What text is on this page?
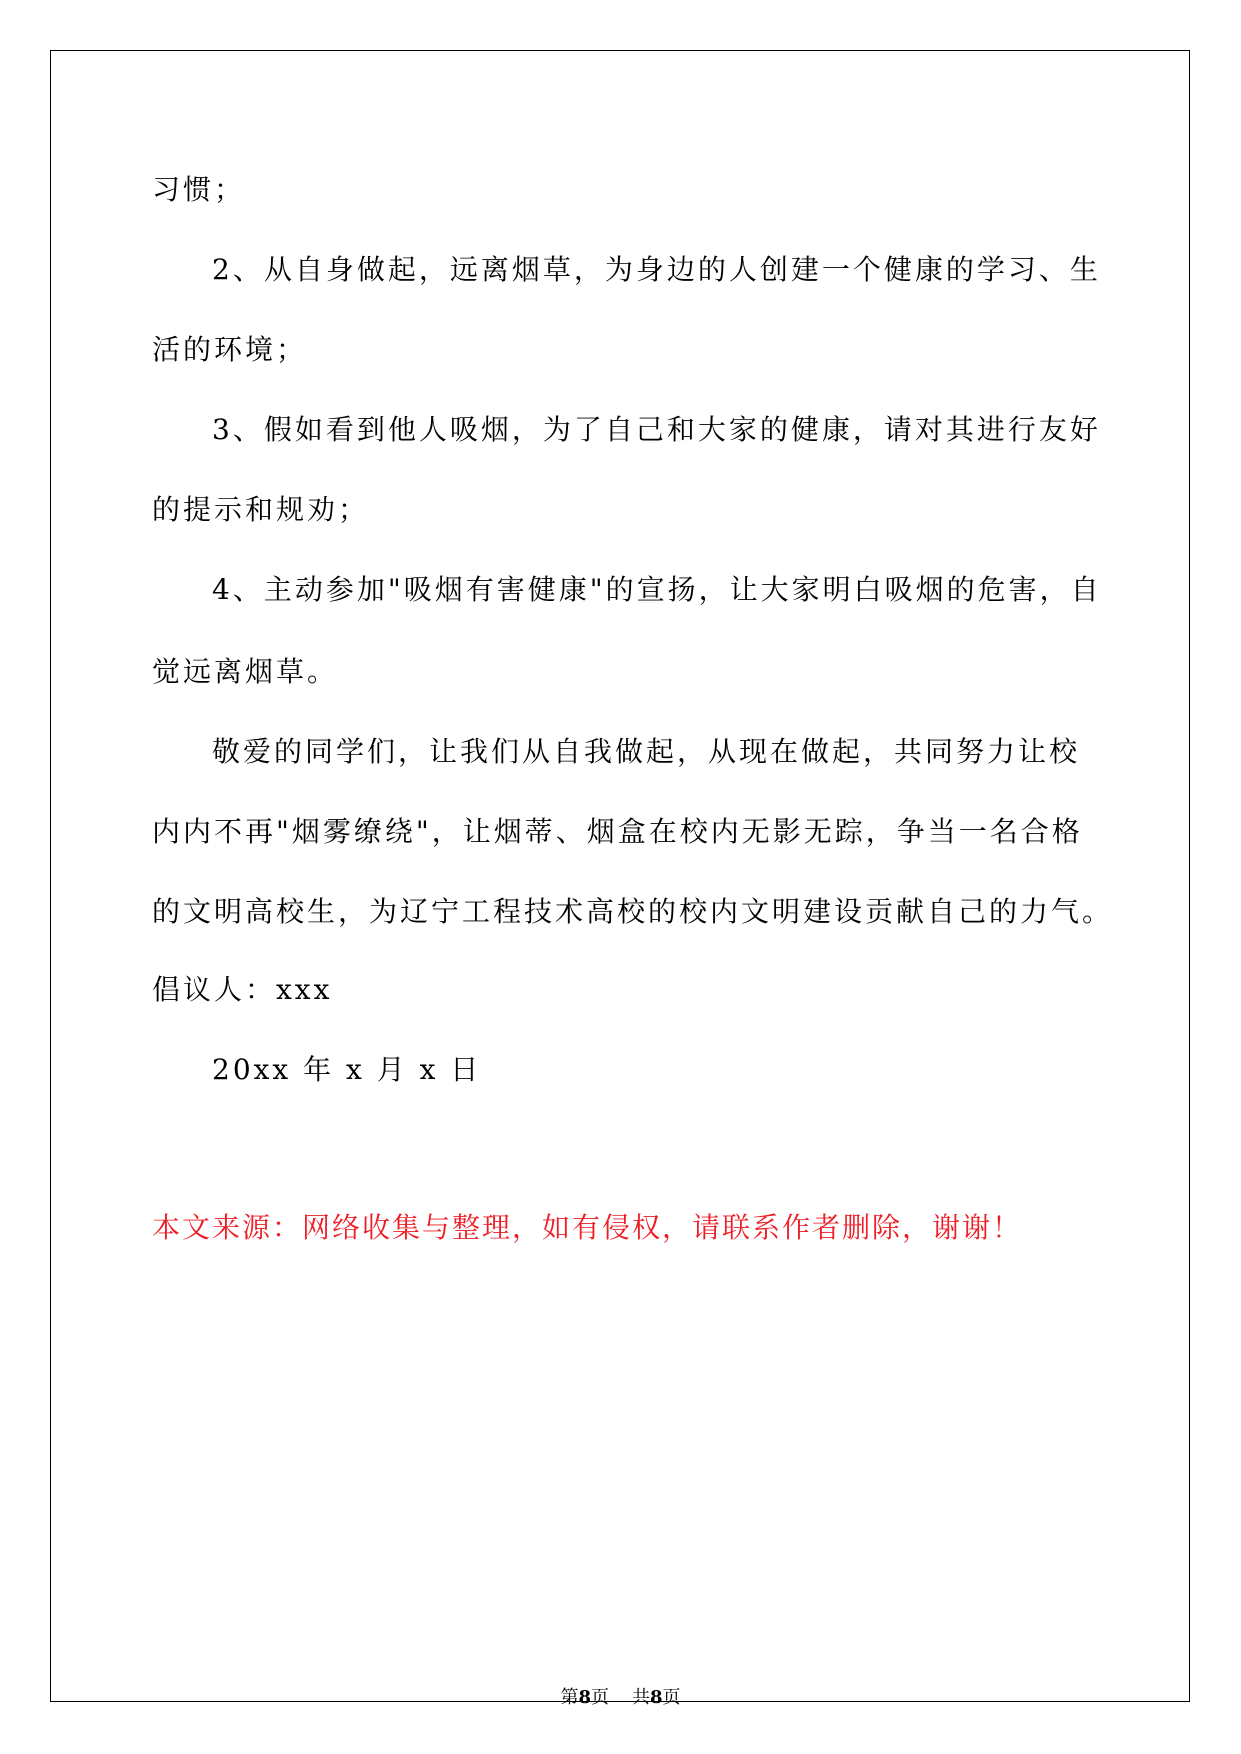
习惯；
2、从自身做起，远离烟草，为身边的人创建一个健康的学习、生
活的环境；
3、假如看到他人吸烟，为了自己和大家的健康，请对其进行友好
的提示和规劝；
4、主动参加"吸烟有害健康"的宣扬，让大家明白吸烟的危害，自
觉远离烟草。
敬爱的同学们，让我们从自我做起，从现在做起，共同努力让校
内内不再"烟雾缭绕"，让烟蒂、烟盒在校内无影无踪，争当一名合格
的文明高校生，为辽宁工程技术高校的校内文明建设贡献自己的力气。
倡议人：xxx
20xx 年 x 月 x 日
本文来源：网络收集与整理，如有侵权，请联系作者删除，谢谢！
第8页 共8页
